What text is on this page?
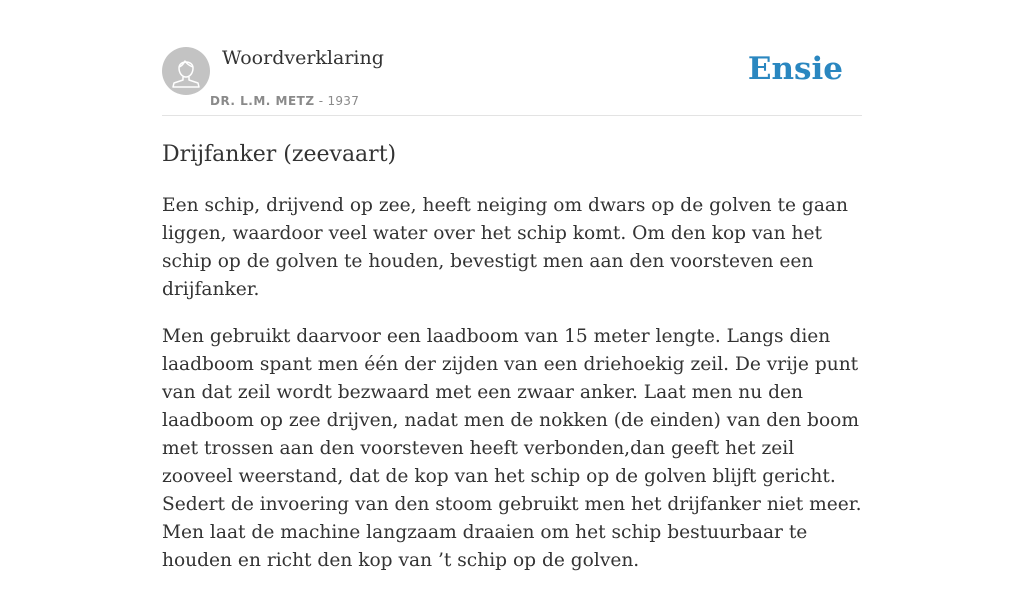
Woordverklaring
DR. L.M. METZ - 1937
Ensie
Drijfanker (zeevaart)

Een schip, drijvend op zee, heeft neiging om dwars op de golven te gaan liggen, waardoor veel water over het schip komt. Om den kop van het schip op de golven te houden, bevestigt men aan den voorsteven een drijfanker.

Men gebruikt daarvoor een laadboom van 15 meter lengte. Langs dien laadboom spant men één der zijden van een driehoekig zeil. De vrije punt van dat zeil wordt bezwaard met een zwaar anker. Laat men nu den laadboom op zee drijven, nadat men de nokken (de einden) van den boom met trossen aan den voorsteven heeft verbonden,dan geeft het zeil zooveel weerstand, dat de kop van het schip op de golven blijft gericht. Sedert de invoering van den stoom gebruikt men het drijfanker niet meer. Men laat de machine langzaam draaien om het schip bestuurbaar te houden en richt den kop van ’t schip op de golven.
